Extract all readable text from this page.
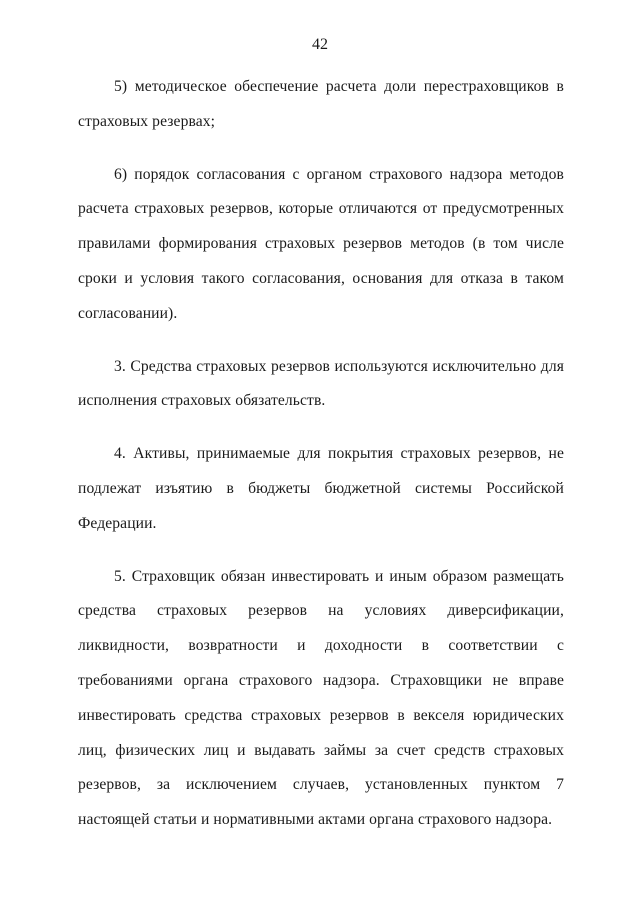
42

5) методическое обеспечение расчета доли перестраховщиков в страховых резервах;

6) порядок согласования с органом страхового надзора методов расчета страховых резервов, которые отличаются от предусмотренных правилами формирования страховых резервов методов (в том числе сроки и условия такого согласования, основания для отказа в таком согласовании).

3. Средства страховых резервов используются исключительно для исполнения страховых обязательств.

4. Активы, принимаемые для покрытия страховых резервов, не подлежат изъятию в бюджеты бюджетной системы Российской Федерации.

5. Страховщик обязан инвестировать и иным образом размещать средства страховых резервов на условиях диверсификации, ликвидности, возвратности и доходности в соответствии с требованиями органа страхового надзора. Страховщики не вправе инвестировать средства страховых резервов в векселя юридических лиц, физических лиц и выдавать займы за счет средств страховых резервов, за исключением случаев, установленных пунктом 7 настоящей статьи и нормативными актами органа страхового надзора.
